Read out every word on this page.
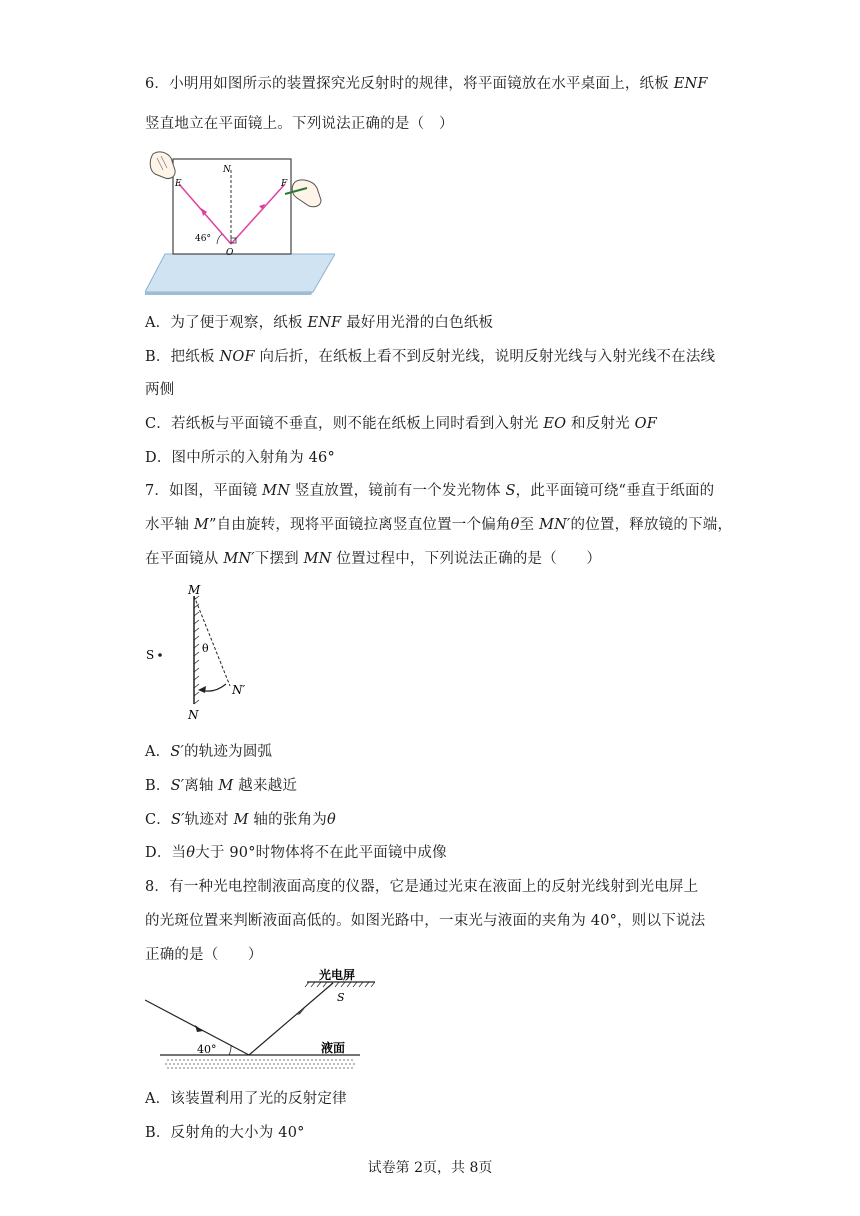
6．小明用如图所示的装置探究光反射时的规律，将平面镜放在水平桌面上，纸板 ENF
竖直地立在平面镜上。下列说法正确的是（　）
N
E	F
O
46°
A．为了便于观察，纸板 ENF 最好用光滑的白色纸板
B．把纸板 NOF 向后折，在纸板上看不到反射光线，说明反射光线与入射光线不在法线
两侧
C．若纸板与平面镜不垂直，则不能在纸板上同时看到入射光 EO 和反射光 OF
D．图中所示的入射角为 46°
7．如图，平面镜 MN 竖直放置，镜前有一个发光物体 S，此平面镜可绕“垂直于纸面的
水平轴 M”自由旋转，现将平面镜拉离竖直位置一个偏角θ至 MN′的位置，释放镜的下端，
在平面镜从 MN′下摆到 MN 位置过程中，下列说法正确的是（　　）
M
N
N′
S	θ
A．S′的轨迹为圆弧
B．S′离轴 M 越来越近
C．S′轨迹对 M 轴的张角为θ
D．当θ大于 90°时物体将不在此平面镜中成像
8．有一种光电控制液面高度的仪器，它是通过光束在液面上的反射光线射到光电屏上
的光斑位置来判断液面高低的。如图光路中，一束光与液面的夹角为 40°，则以下说法
正确的是（　　）
光电屏
S
液面
40°
A．该装置利用了光的反射定律
B．反射角的大小为 40°
试卷第 2页，共 8页
